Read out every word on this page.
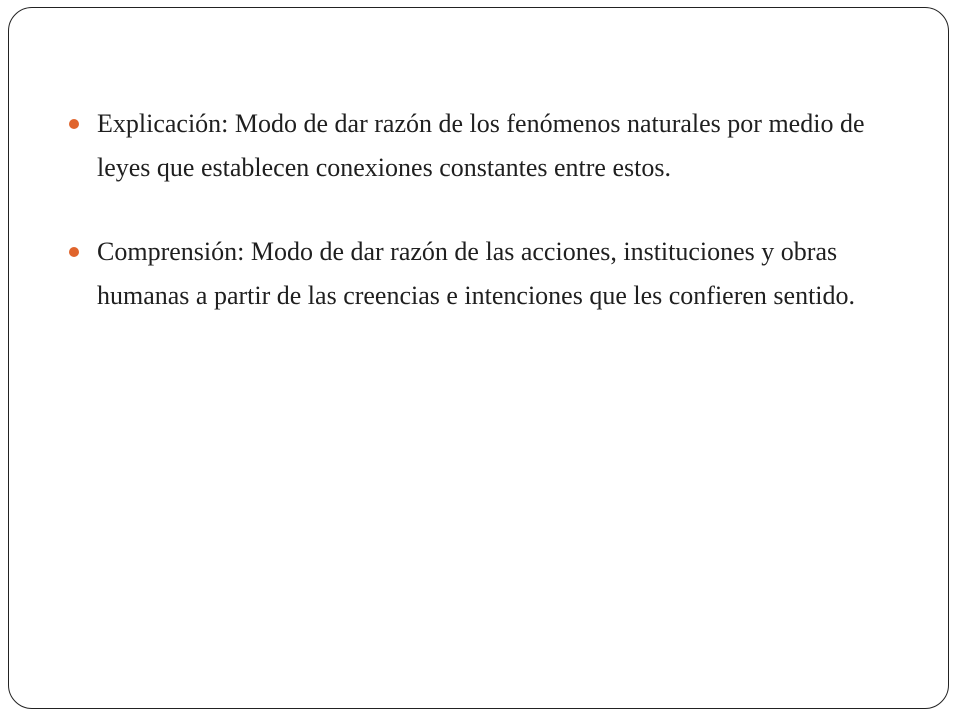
Explicación: Modo de dar razón de los fenómenos naturales por medio de leyes que establecen conexiones constantes entre estos.
Comprensión: Modo de dar razón de las acciones, instituciones y obras humanas a partir de las creencias e intenciones que les confieren sentido.
